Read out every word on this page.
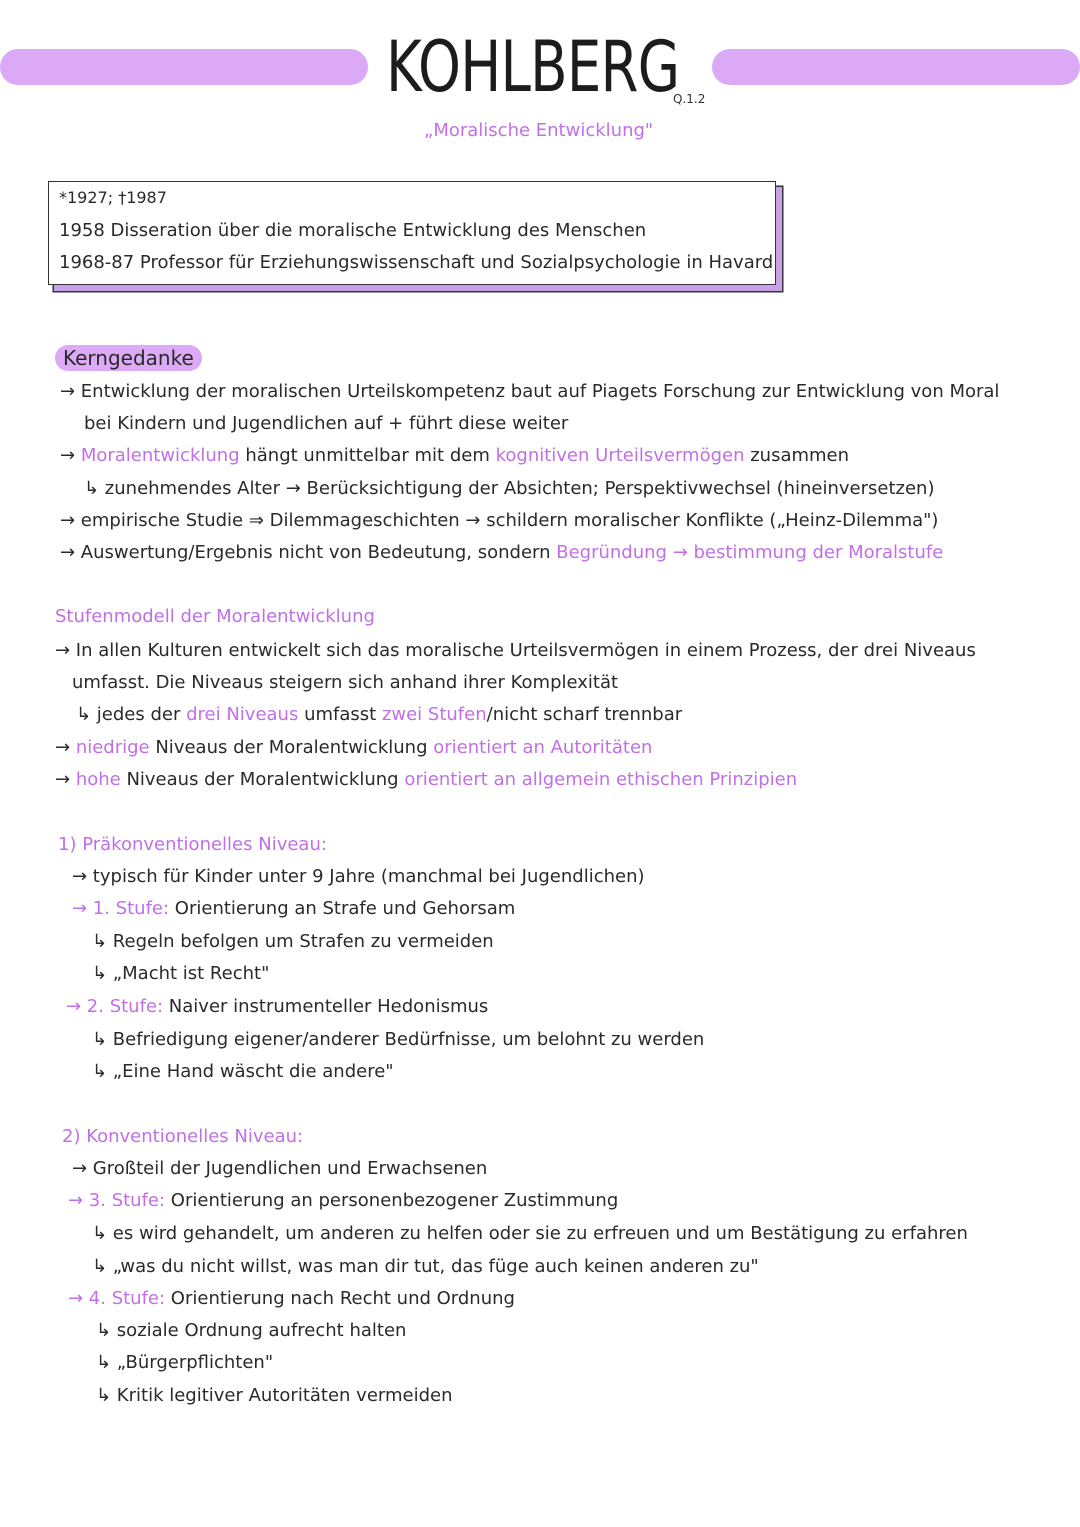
KOHLBERG
Q.1.2
„Moralische Entwicklung"
*1927; †1987
1958 Disseration über die moralische Entwicklung des Menschen
1968-87 Professor für Erziehungswissenschaft und Sozialpsychologie in Havard
Kerngedanke
→ Entwicklung der moralischen Urteilskompetenz baut auf Piagets Forschung zur Entwicklung von Moral
bei Kindern und Jugendlichen auf + führt diese weiter
→ Moralentwicklung hängt unmittelbar mit dem kognitiven Urteilsvermögen zusammen
↳ zunehmendes Alter → Berücksichtigung der Absichten; Perspektivwechsel (hineinversetzen)
→ empirische Studie ⇒ Dilemmageschichten → schildern moralischer Konflikte („Heinz-Dilemma")
→ Auswertung/Ergebnis nicht von Bedeutung, sondern Begründung → bestimmung der Moralstufe
Stufenmodell der Moralentwicklung
→ In allen Kulturen entwickelt sich das moralische Urteilsvermögen in einem Prozess, der drei Niveaus
umfasst. Die Niveaus steigern sich anhand ihrer Komplexität
↳ jedes der drei Niveaus umfasst zwei Stufen/nicht scharf trennbar
→ niedrige Niveaus der Moralentwicklung orientiert an Autoritäten
→ hohe Niveaus der Moralentwicklung orientiert an allgemein ethischen Prinzipien
1) Präkonventionelles Niveau:
→ typisch für Kinder unter 9 Jahre (manchmal bei Jugendlichen)
→ 1. Stufe: Orientierung an Strafe und Gehorsam
↳ Regeln befolgen um Strafen zu vermeiden
↳ „Macht ist Recht"
→ 2. Stufe: Naiver instrumenteller Hedonismus
↳ Befriedigung eigener/anderer Bedürfnisse, um belohnt zu werden
↳ „Eine Hand wäscht die andere"
2) Konventionelles Niveau:
→ Großteil der Jugendlichen und Erwachsenen
→ 3. Stufe: Orientierung an personenbezogener Zustimmung
↳ es wird gehandelt, um anderen zu helfen oder sie zu erfreuen und um Bestätigung zu erfahren
↳ „was du nicht willst, was man dir tut, das füge auch keinen anderen zu"
→ 4. Stufe: Orientierung nach Recht und Ordnung
↳ soziale Ordnung aufrecht halten
↳ „Bürgerpflichten"
↳ Kritik legitiver Autoritäten vermeiden
